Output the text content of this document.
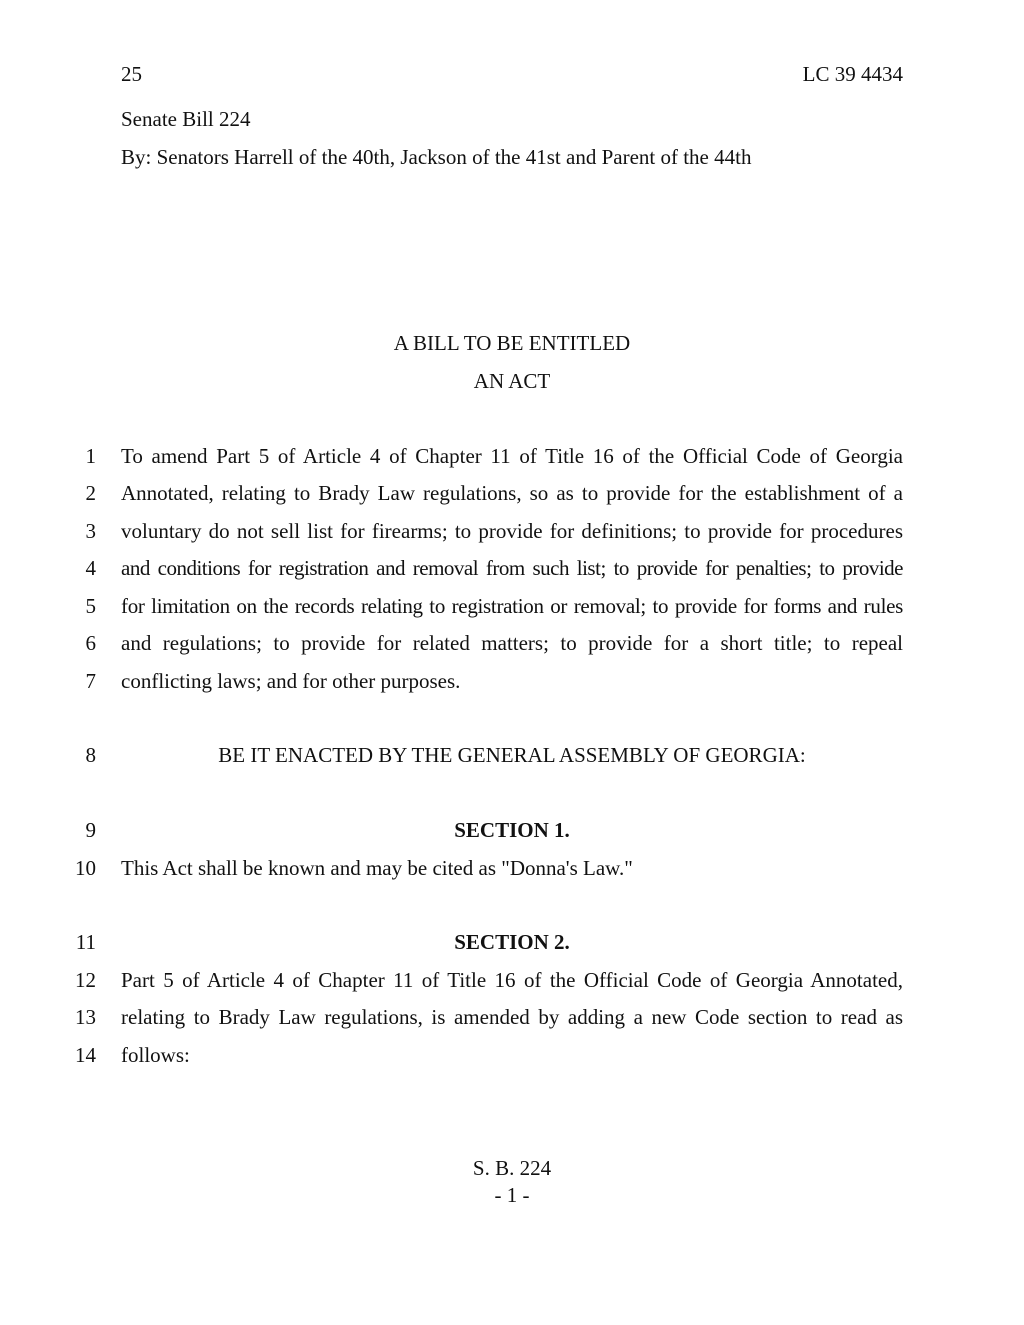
25	LC 39 4434
Senate Bill 224
By: Senators Harrell of the 40th, Jackson of the 41st and Parent of the 44th
A BILL TO BE ENTITLED
AN ACT
1 To amend Part 5 of Article 4 of Chapter 11 of Title 16 of the Official Code of Georgia
2 Annotated, relating to Brady Law regulations, so as to provide for the establishment of a
3 voluntary do not sell list for firearms; to provide for definitions; to provide for procedures
4 and conditions for registration and removal from such list; to provide for penalties; to provide
5 for limitation on the records relating to registration or removal; to provide for forms and rules
6 and regulations; to provide for related matters; to provide for a short title; to repeal
7 conflicting laws; and for other purposes.
8	BE IT ENACTED BY THE GENERAL ASSEMBLY OF GEORGIA:
9	SECTION 1.
10 This Act shall be known and may be cited as "Donna's Law."
11	SECTION 2.
12 Part 5 of Article 4 of Chapter 11 of Title 16 of the Official Code of Georgia Annotated,
13 relating to Brady Law regulations, is amended by adding a new Code section to read as
14 follows:
S. B. 224
- 1 -
